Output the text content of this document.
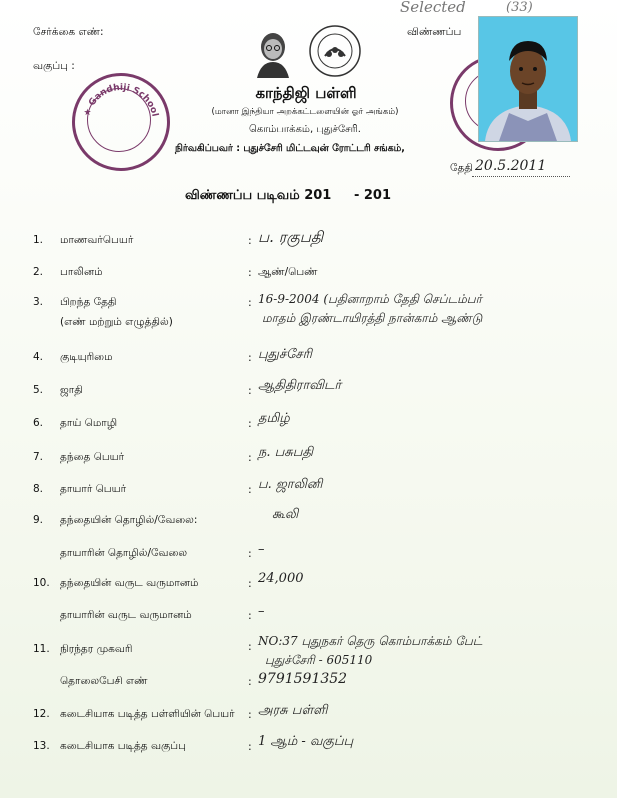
Selected	(33)
சேர்க்கை எண்:
வகுப்பு :
விண்ணப்ப
★ Gandhiji School
காந்திஜி பள்ளி
(மானா இந்தியா அறக்கட்டளையின் ஓர் அங்கம்)
கொம்பாக்கம், புதுச்சேரி.
நிர்வகிப்பவர் : புதுச்சேரி மிட்டவுன் ரோட்டரி சங்கம்,
தேதி 20.5.2011
விண்ணப்ப படிவம் 201     - 201
1. மாணவர்பெயர்	: ப. ரகுபதி
2. பாலினம்	: ஆண்/பெண்
3. பிறந்த தேதி
(எண் மற்றும் எழுத்தில்)
: 16-9-2004 (பதினாறாம் தேதி செப்டம்பர்
மாதம் இரண்டாயிரத்தி நான்காம் ஆண்டு
4. குடியுரிமை	: புதுச்சேரி
5. ஜாதி	: ஆதிதிராவிடர்
6. தாய் மொழி	: தமிழ்
7. தந்தை பெயர்	: ந. பசுபதி
8. தாயார் பெயர்	: ப. ஜாலினி
9. தந்தையின் தொழில்/வேலை:	கூலி
தாயாரின் தொழில்/வேலை	: –
10. தந்தையின் வருட வருமானம்	: 24,000
தாயாரின் வருட வருமானம்	: –
11. நிரந்தர முகவரி	: NO:37 புதுநகர் தெரு கொம்பாக்கம் பேட்
புதுச்சேரி - 605110
தொலைபேசி எண்	: 9791591352
12. கடைசியாக படித்த பள்ளியின் பெயர் : அரசு பள்ளி
13. கடைசியாக படித்த வகுப்பு	: 1 ஆம் - வகுப்பு
